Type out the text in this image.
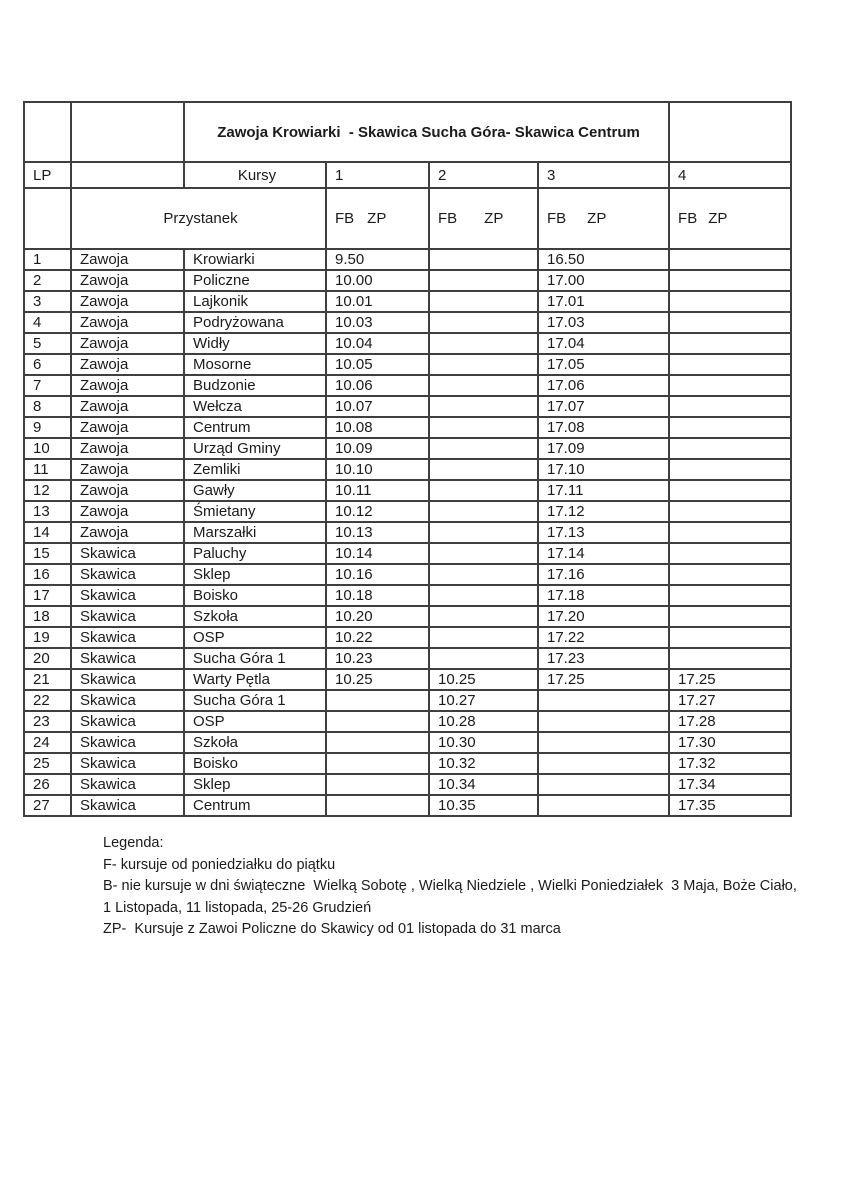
		Zawoja Krowiarki  - Skawica Sucha Góra- Skawica Centrum				
LP		Kursy	1	2	3	4
	Przystanek		FB ZP	FB ZP	FB ZP	FB ZP
1	Zawoja	Krowiarki	9.50		16.50	
2	Zawoja	Policzne	10.00		17.00	
3	Zawoja	Lajkonik	10.01		17.01	
4	Zawoja	Podryżowana	10.03		17.03	
5	Zawoja	Widły	10.04		17.04	
6	Zawoja	Mosorne	10.05		17.05	
7	Zawoja	Budzonie	10.06		17.06	
8	Zawoja	Wełcza	10.07		17.07	
9	Zawoja	Centrum	10.08		17.08	
10	Zawoja	Urząd Gminy	10.09		17.09	
11	Zawoja	Zemliki	10.10		17.10	
12	Zawoja	Gawły	10.11		17.11	
13	Zawoja	Śmietany	10.12		17.12	
14	Zawoja	Marszałki	10.13		17.13	
15	Skawica	Paluchy	10.14		17.14	
16	Skawica	Sklep	10.16		17.16	
17	Skawica	Boisko	10.18		17.18	
18	Skawica	Szkoła	10.20		17.20	
19	Skawica	OSP	10.22		17.22	
20	Skawica	Sucha Góra 1	10.23		17.23	
21	Skawica	Warty Pętla	10.25	10.25	17.25	17.25
22	Skawica	Sucha Góra 1		10.27		17.27
23	Skawica	OSP		10.28		17.28
24	Skawica	Szkoła		10.30		17.30
25	Skawica	Boisko		10.32		17.32
26	Skawica	Sklep		10.34		17.34
27	Skawica	Centrum		10.35		17.35
Legenda:
F- kursuje od poniedziałku do piątku
B- nie kursuje w dni świąteczne  Wielką Sobotę , Wielką Niedziele , Wielki Poniedziałek  3 Maja, Boże Ciało,
1 Listopada, 11 listopada, 25-26 Grudzień
ZP-  Kursuje z Zawoi Policzne do Skawicy od 01 listopada do 31 marca
